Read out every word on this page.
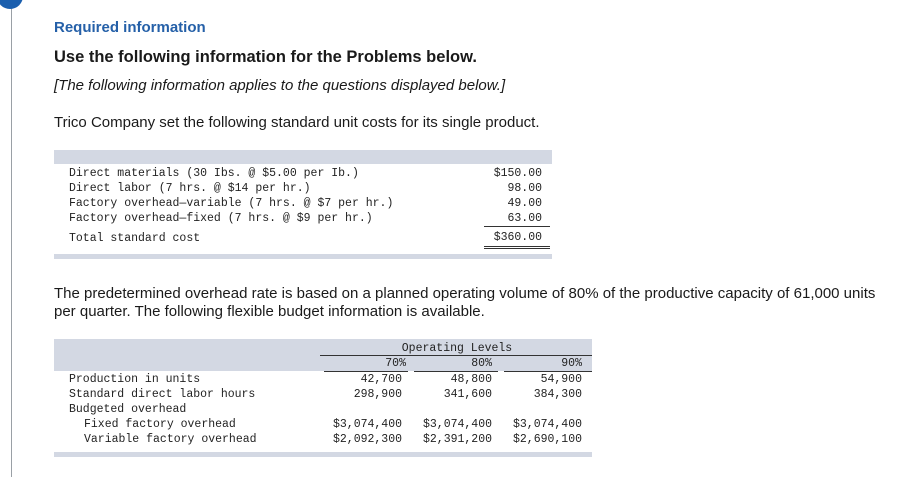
Required information
Use the following information for the Problems below.
[The following information applies to the questions displayed below.]
Trico Company set the following standard unit costs for its single product.
Direct materials (30 Ibs. @ $5.00 per Ib.)	$150.00
Direct labor (7 hrs. @ $14 per hr.)	98.00
Factory overhead—variable (7 hrs. @ $7 per hr.)	49.00
Factory overhead—fixed (7 hrs. @ $9 per hr.)	63.00
Total standard cost	$360.00
The predetermined overhead rate is based on a planned operating volume of 80% of the productive capacity of 61,000 units per quarter. The following flexible budget information is available.
Operating Levels
70%	80%	90%
Production in units	42,700	48,800	54,900
Standard direct labor hours	298,900	341,600	384,300
Budgeted overhead
Fixed factory overhead	$3,074,400	$3,074,400	$3,074,400
Variable factory overhead	$2,092,300	$2,391,200	$2,690,100
